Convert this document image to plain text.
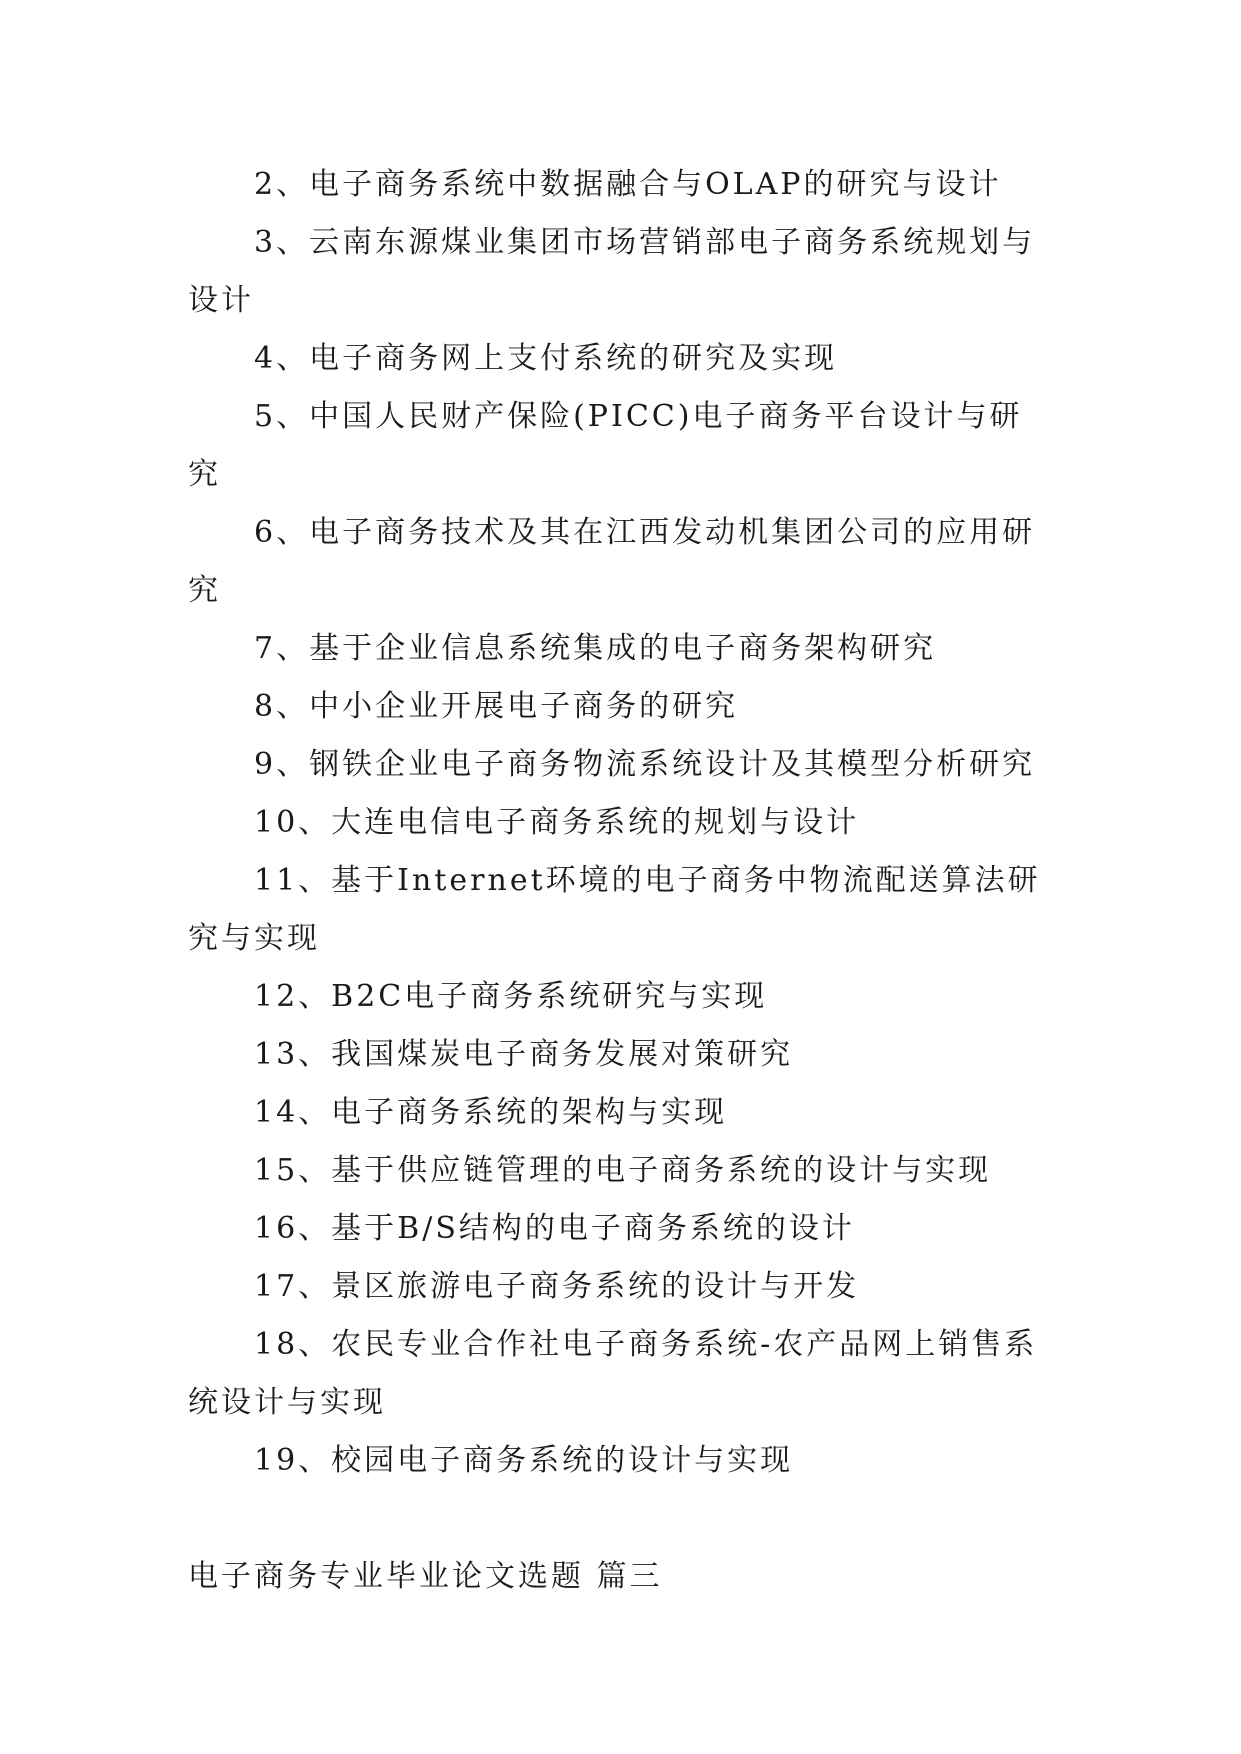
2、电子商务系统中数据融合与OLAP的研究与设计

3、云南东源煤业集团市场营销部电子商务系统规划与设计

4、电子商务网上支付系统的研究及实现

5、中国人民财产保险(PICC)电子商务平台设计与研究

6、电子商务技术及其在江西发动机集团公司的应用研究

7、基于企业信息系统集成的电子商务架构研究

8、中小企业开展电子商务的研究

9、钢铁企业电子商务物流系统设计及其模型分析研究

10、大连电信电子商务系统的规划与设计

11、基于Internet环境的电子商务中物流配送算法研究与实现

12、B2C电子商务系统研究与实现

13、我国煤炭电子商务发展对策研究

14、电子商务系统的架构与实现

15、基于供应链管理的电子商务系统的设计与实现

16、基于B/S结构的电子商务系统的设计

17、景区旅游电子商务系统的设计与开发

18、农民专业合作社电子商务系统-农产品网上销售系统设计与实现

19、校园电子商务系统的设计与实现

电子商务专业毕业论文选题 篇三
